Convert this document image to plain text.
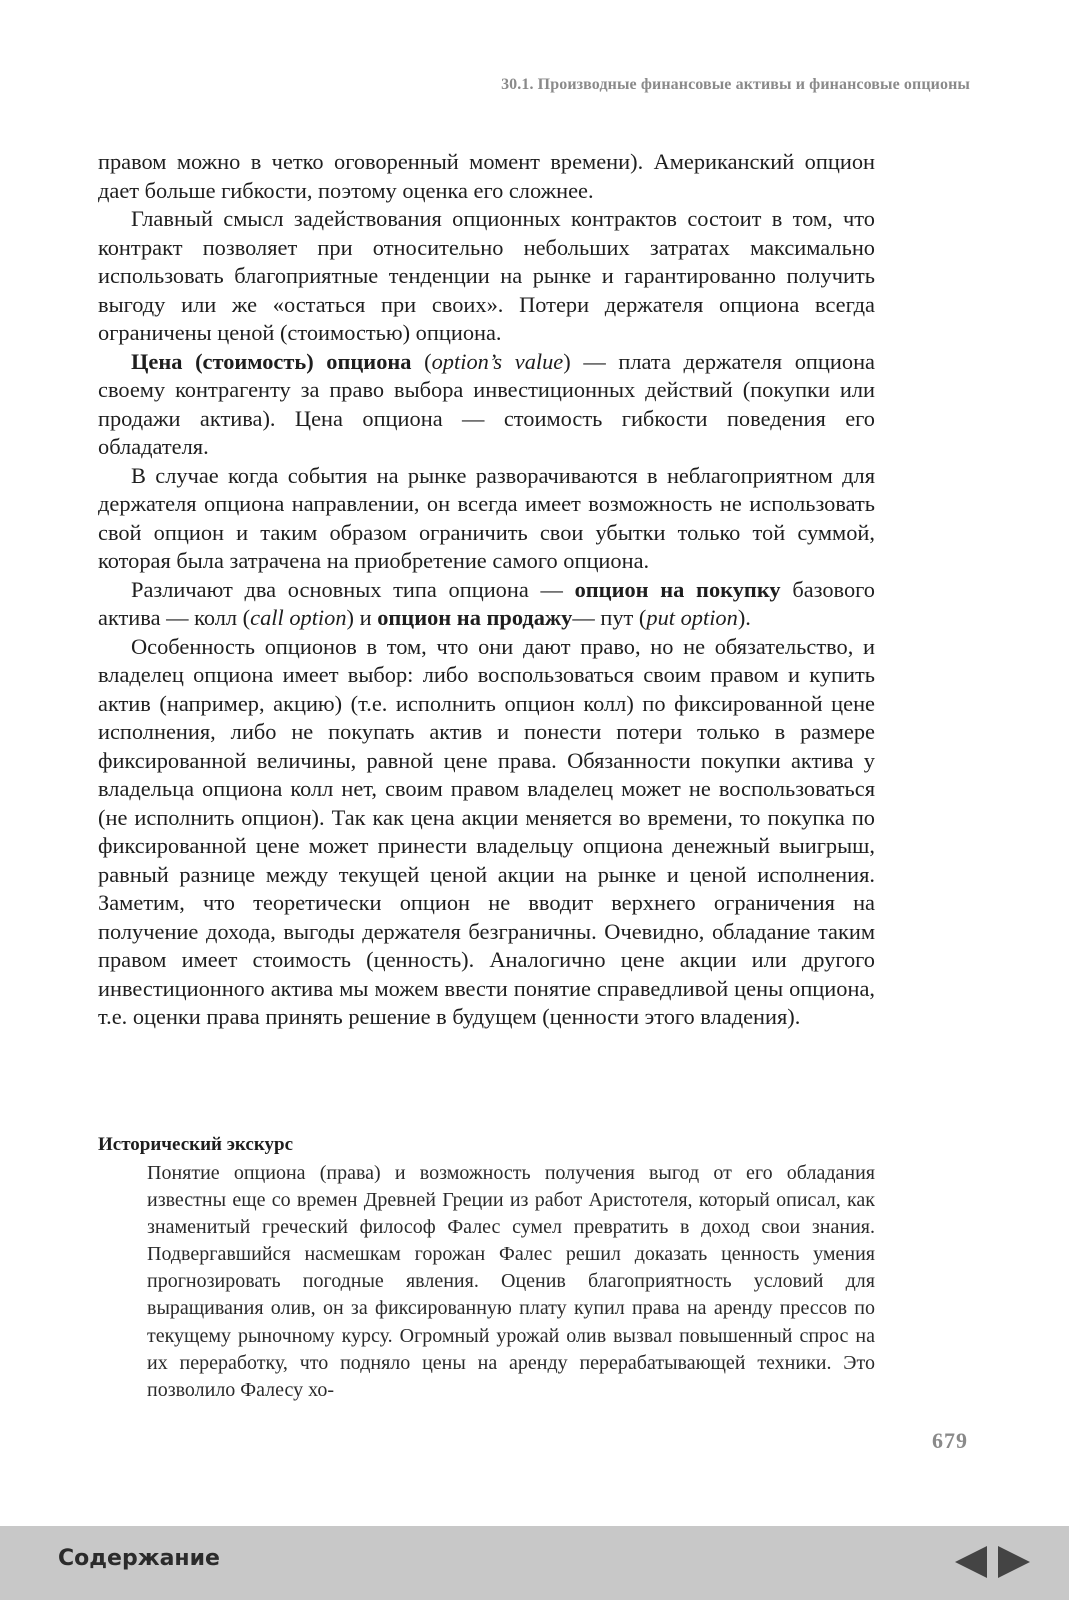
30.1. Производные финансовые активы и финансовые опционы

правом можно в четко оговоренный момент времени). Американский опцион дает больше гибкости, поэтому оценка его сложнее.

Главный смысл задействования опционных контрактов состоит в том, что контракт позволяет при относительно небольших затратах максимально использовать благоприятные тенденции на рынке и гарантированно получить выгоду или же «остаться при своих». Потери держателя опциона всегда ограничены ценой (стоимостью) опциона.

Цена (стоимость) опциона (option’s value) — плата держателя опциона своему контрагенту за право выбора инвестиционных действий (покупки или продажи актива). Цена опциона — стоимость гибкости поведения его обладателя.

В случае когда события на рынке разворачиваются в неблагоприятном для держателя опциона направлении, он всегда имеет возможность не использовать свой опцион и таким образом ограничить свои убытки только той суммой, которая была затрачена на приобретение самого опциона.

Различают два основных типа опциона — опцион на покупку базового актива — колл (call option) и опцион на продажу— пут (put option).

Особенность опционов в том, что они дают право, но не обязательство, и владелец опциона имеет выбор: либо воспользоваться своим правом и купить актив (например, акцию) (т.е. исполнить опцион колл) по фиксированной цене исполнения, либо не покупать актив и понести потери только в размере фиксированной величины, равной цене права. Обязанности покупки актива у владельца опциона колл нет, своим правом владелец может не воспользоваться (не исполнить опцион). Так как цена акции меняется во времени, то покупка по фиксированной цене может принести владельцу опциона денежный выигрыш, равный разнице между текущей ценой акции на рынке и ценой исполнения. Заметим, что теоретически опцион не вводит верхнего ограничения на получение дохода, выгоды держателя безграничны. Очевидно, обладание таким правом имеет стоимость (ценность). Аналогично цене акции или другого инвестиционного актива мы можем ввести понятие справедливой цены опциона, т.е. оценки права принять решение в будущем (ценности этого владения).

Исторический экскурс

Понятие опциона (права) и возможность получения выгод от его обладания известны еще со времен Древней Греции из работ Аристотеля, который описал, как знаменитый греческий философ Фалес сумел превратить в доход свои знания. Подвергавшийся насмешкам горожан Фалес решил доказать ценность умения прогнозировать погодные явления. Оценив благоприятность условий для выращивания олив, он за фиксированную плату купил права на аренду прессов по текущему рыночному курсу. Огромный урожай олив вызвал повышенный спрос на их переработку, что подняло цены на аренду перерабатывающей техники. Это позволило Фалесу хо-

679
Содержание
